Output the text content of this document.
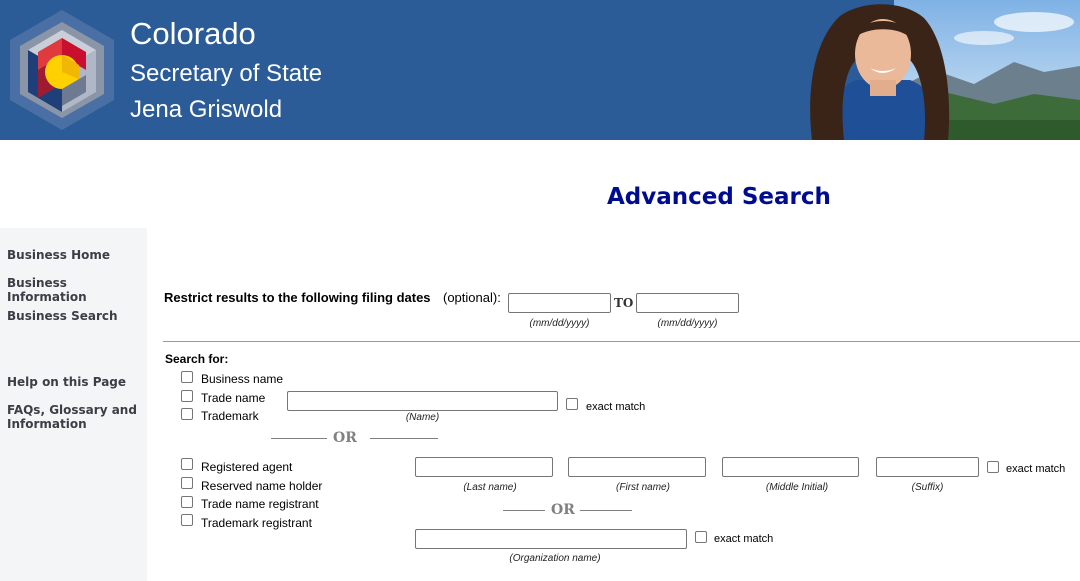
Colorado
Secretary of State
Jena Griswold
Business Home
Business Information
Business Search
Help on this Page
FAQs, Glossary and Information
Advanced Search
Restrict results to the following filing dates (optional):	TO
(mm/dd/yyyy)	(mm/dd/yyyy)
Search for:
Business name
Trade name
Trademark	(Name)
exact match
OR
Registered agent
Reserved name holder
Trade name registrant
Trademark registrant
exact match
(Last name)	(First name)	(Middle Initial)	(Suffix)
OR
exact match
(Organization name)
